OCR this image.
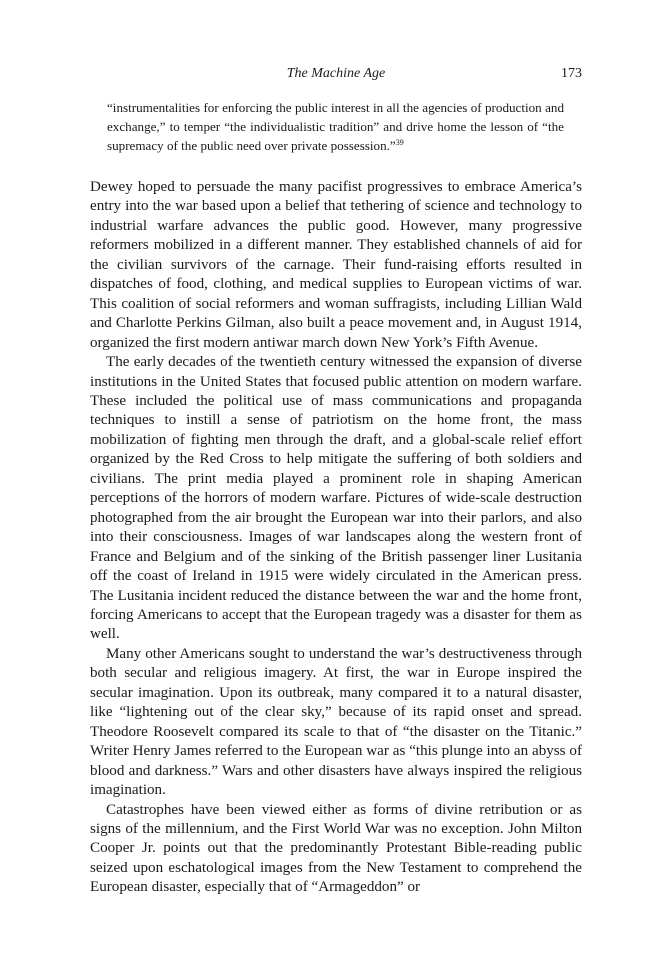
The Machine Age	173

“instrumentalities for enforcing the public interest in all the agencies of production and exchange,” to temper “the individualistic tradition” and drive home the lesson of “the supremacy of the public need over private possession.”$^{39}$

Dewey hoped to persuade the many pacifist progressives to embrace America’s entry into the war based upon a belief that tethering of science and technology to industrial warfare advances the public good. However, many progressive reformers mobilized in a different manner. They established channels of aid for the civilian survivors of the carnage. Their fund-raising efforts resulted in dispatches of food, clothing, and medical supplies to European victims of war. This coalition of social reformers and woman suffragists, including Lillian Wald and Charlotte Perkins Gilman, also built a peace movement and, in August 1914, organized the first modern antiwar march down New York’s Fifth Avenue.

The early decades of the twentieth century witnessed the expansion of diverse institutions in the United States that focused public attention on modern warfare. These included the political use of mass communications and propaganda techniques to instill a sense of patriotism on the home front, the mass mobilization of fighting men through the draft, and a global-scale relief effort organized by the Red Cross to help mitigate the suffering of both soldiers and civilians. The print media played a prominent role in shaping American perceptions of the horrors of modern warfare. Pictures of wide-scale destruction photographed from the air brought the European war into their parlors, and also into their consciousness. Images of war landscapes along the western front of France and Belgium and of the sinking of the British passenger liner Lusitania off the coast of Ireland in 1915 were widely circulated in the American press. The Lusitania incident reduced the distance between the war and the home front, forcing Americans to accept that the European tragedy was a disaster for them as well.

Many other Americans sought to understand the war’s destructiveness through both secular and religious imagery. At first, the war in Europe inspired the secular imagination. Upon its outbreak, many compared it to a natural disaster, like “lightening out of the clear sky,” because of its rapid onset and spread. Theodore Roosevelt compared its scale to that of “the disaster on the Titanic.” Writer Henry James referred to the European war as “this plunge into an abyss of blood and darkness.” Wars and other disasters have always inspired the religious imagination.

Catastrophes have been viewed either as forms of divine retribution or as signs of the millennium, and the First World War was no exception. John Milton Cooper Jr. points out that the predominantly Protestant Bible-reading public seized upon eschatological images from the New Testament to comprehend the European disaster, especially that of “Armageddon” or
